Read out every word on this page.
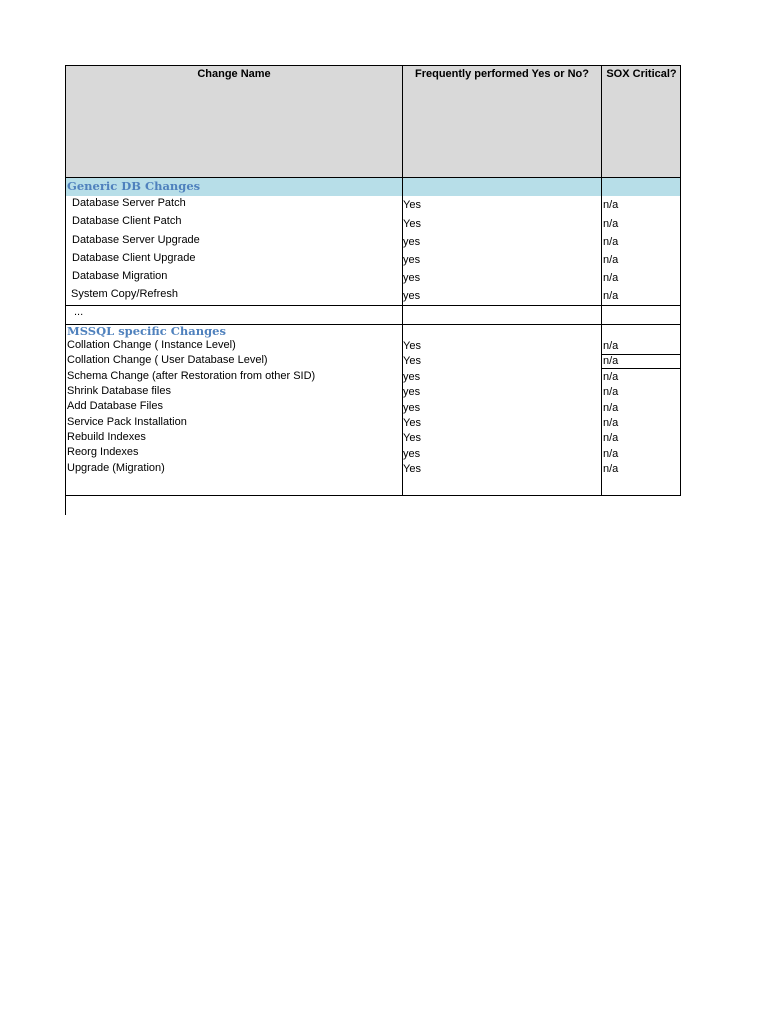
Change Name	Frequently performed Yes or No?	SOX Critical?
Generic DB Changes
Database Server Patch	Yes	n/a
Database Client Patch	Yes	n/a
Database Server Upgrade	yes	n/a
Database Client Upgrade	yes	n/a
Database Migration	yes	n/a
System Copy/Refresh	yes	n/a
...
MSSQL specific Changes
Collation Change ( Instance Level)	Yes	n/a
Collation Change ( User Database Level)	Yes	n/a
Schema Change (after Restoration from other SID)	yes	n/a
Shrink Database files	yes	n/a
Add Database Files	yes	n/a
Service Pack Installation	Yes	n/a
Rebuild Indexes	Yes	n/a
Reorg Indexes	yes	n/a
Upgrade (Migration)	Yes	n/a
